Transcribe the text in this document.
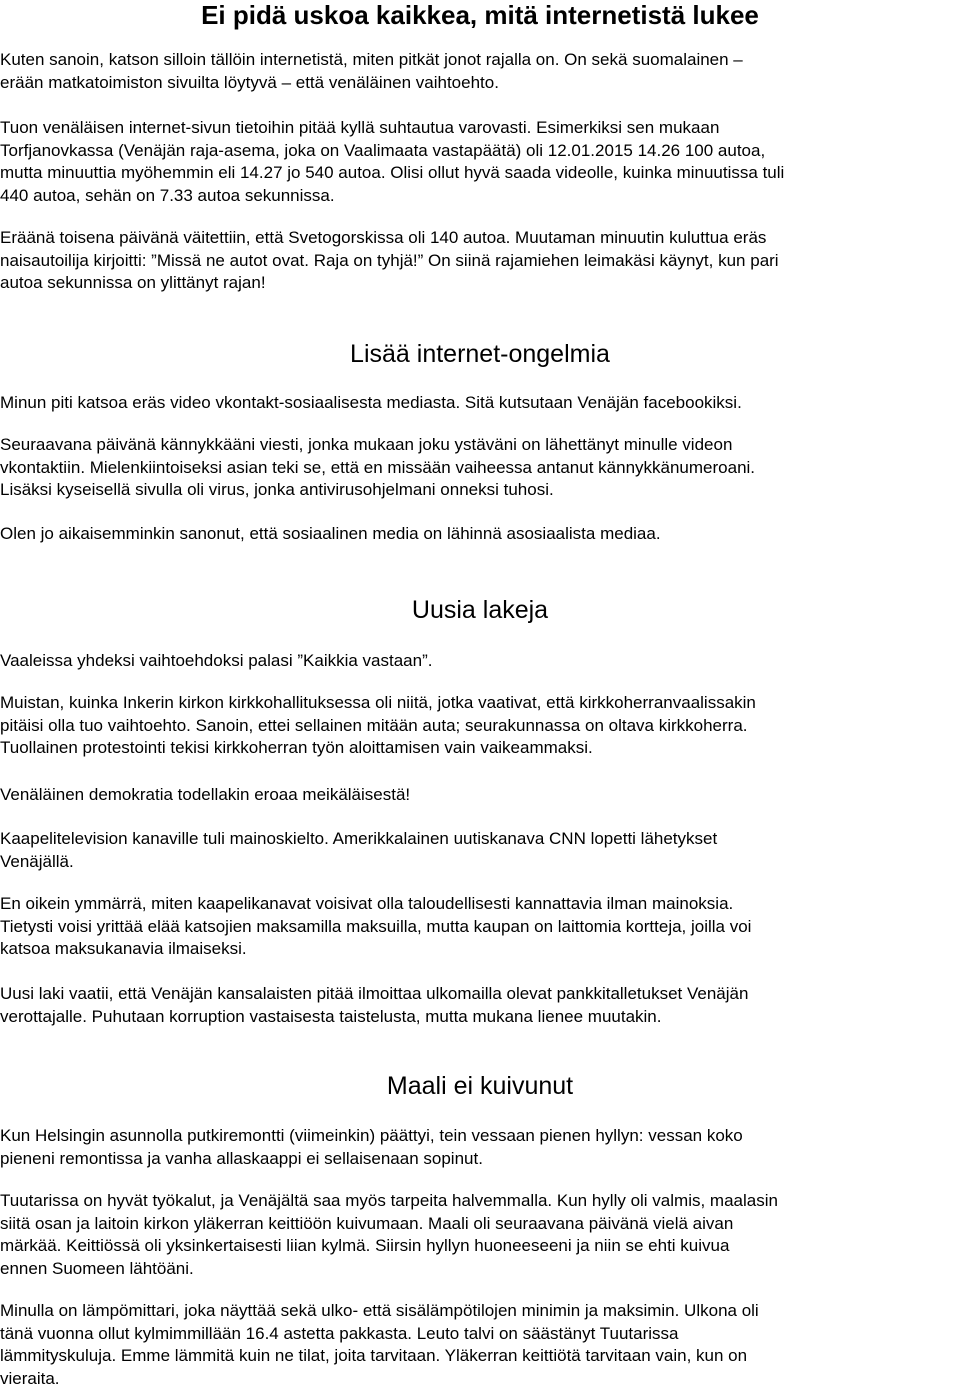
Ei pidä uskoa kaikkea, mitä internetistä lukee
Kuten sanoin, katson silloin tällöin internetistä, miten pitkät jonot rajalla on. On sekä suomalainen –
erään matkatoimiston sivuilta löytyvä – että venäläinen vaihtoehto.
Tuon venäläisen internet-sivun tietoihin pitää kyllä suhtautua varovasti. Esimerkiksi sen mukaan
Torfjanovkassa (Venäjän raja-asema, joka on Vaalimaata vastapäätä) oli 12.01.2015 14.26 100 autoa,
mutta minuuttia myöhemmin eli 14.27 jo 540 autoa. Olisi ollut hyvä saada videolle, kuinka minuutissa tuli
440 autoa, sehän on 7.33 autoa sekunnissa.
Eräänä toisena päivänä väitettiin, että Svetogorskissa oli 140 autoa. Muutaman minuutin kuluttua eräs
naisautoilija kirjoitti: ”Missä ne autot ovat. Raja on tyhjä!” On siinä rajamiehen leimakäsi käynyt, kun pari
autoa sekunnissa on ylittänyt rajan!
Lisää internet-ongelmia
Minun piti katsoa eräs video vkontakt-sosiaalisesta mediasta. Sitä kutsutaan Venäjän facebookiksi.
Seuraavana päivänä kännykkääni viesti, jonka mukaan joku ystäväni on lähettänyt minulle videon
vkontaktiin. Mielenkiintoiseksi asian teki se, että en missään vaiheessa antanut kännykkänumeroani.
Lisäksi kyseisellä sivulla oli virus, jonka antivirusohjelmani onneksi tuhosi.
Olen jo aikaisemminkin sanonut, että sosiaalinen media on lähinnä asosiaalista mediaa.
Uusia lakeja
Vaaleissa yhdeksi vaihtoehdoksi palasi ”Kaikkia vastaan”.
Muistan, kuinka Inkerin kirkon kirkkohallituksessa oli niitä, jotka vaativat, että kirkkoherranvaalissakin
pitäisi olla tuo vaihtoehto. Sanoin, ettei sellainen mitään auta; seurakunnassa on oltava kirkkoherra.
Tuollainen protestointi tekisi kirkkoherran työn aloittamisen vain vaikeammaksi.
Venäläinen demokratia todellakin eroaa meikäläisestä!
Kaapelitelevision kanaville tuli mainoskielto. Amerikkalainen uutiskanava CNN lopetti lähetykset
Venäjällä.
En oikein ymmärrä, miten kaapelikanavat voisivat olla taloudellisesti kannattavia ilman mainoksia.
Tietysti voisi yrittää elää katsojien maksamilla maksuilla, mutta kaupan on laittomia kortteja, joilla voi
katsoa maksukanavia ilmaiseksi.
Uusi laki vaatii, että Venäjän kansalaisten pitää ilmoittaa ulkomailla olevat pankkitalletukset Venäjän
verottajalle. Puhutaan korruption vastaisesta taistelusta, mutta mukana lienee muutakin.
Maali ei kuivunut
Kun Helsingin asunnolla putkiremontti (viimeinkin) päättyi, tein vessaan pienen hyllyn: vessan koko
pieneni remontissa ja vanha allaskaappi ei sellaisenaan sopinut.
Tuutarissa on hyvät työkalut, ja Venäjältä saa myös tarpeita halvemmalla. Kun hylly oli valmis, maalasin
siitä osan ja laitoin kirkon yläkerran keittiöön kuivumaan. Maali oli seuraavana päivänä vielä aivan
märkää. Keittiössä oli yksinkertaisesti liian kylmä. Siirsin hyllyn huoneeseeni ja niin se ehti kuivua
ennen Suomeen lähtöäni.
Minulla on lämpömittari, joka näyttää sekä ulko- että sisälämpötilojen minimin ja maksimin. Ulkona oli
tänä vuonna ollut kylmimmillään 16.4 astetta pakkasta. Leuto talvi on säästänyt Tuutarissa
lämmityskuluja. Emme lämmitä kuin ne tilat, joita tarvitaan. Yläkerran keittiötä tarvitaan vain, kun on
vieraita.
